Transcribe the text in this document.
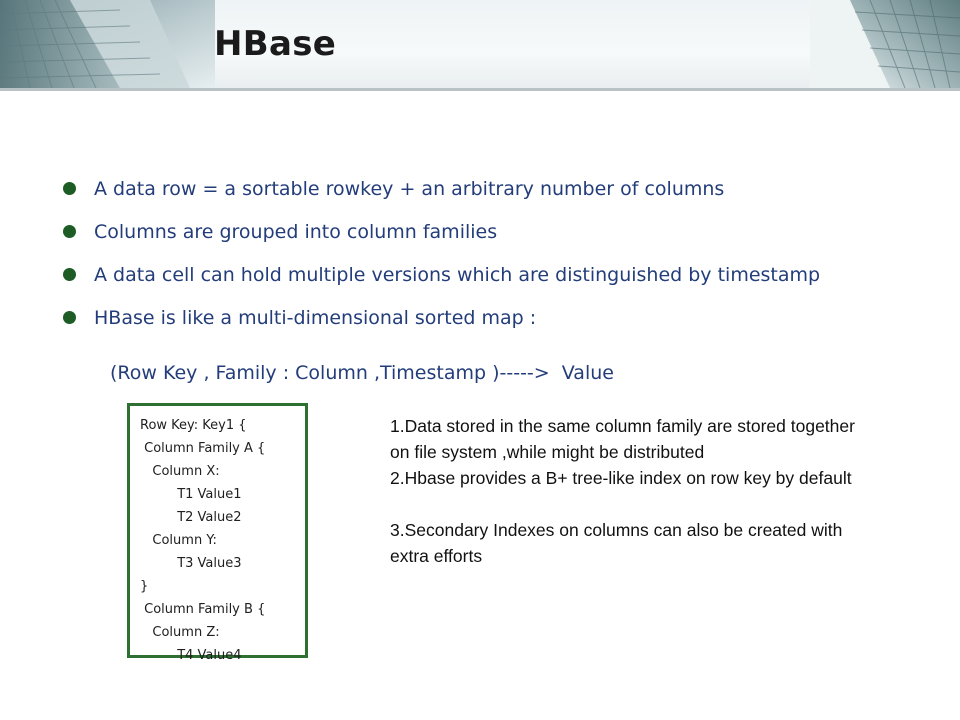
HBase
A data row = a sortable rowkey + an arbitrary number of columns
Columns are grouped into column families
A data cell can hold multiple versions which are distinguished by timestamp
HBase is like a multi-dimensional sorted map :
(Row Key , Family : Column ,Timestamp )----->  Value
Row Key: Key1 {
Column Family A {
Column X:
T1 Value1
T2 Value2
Column Y:
T3 Value3
}
Column Family B {
Column Z:
T4 Value4
1.Data stored in the same column family are stored together on file system ,while might be distributed
2.Hbase provides a B+ tree-like index on row key by default
3.Secondary Indexes on columns can also be created with extra efforts
